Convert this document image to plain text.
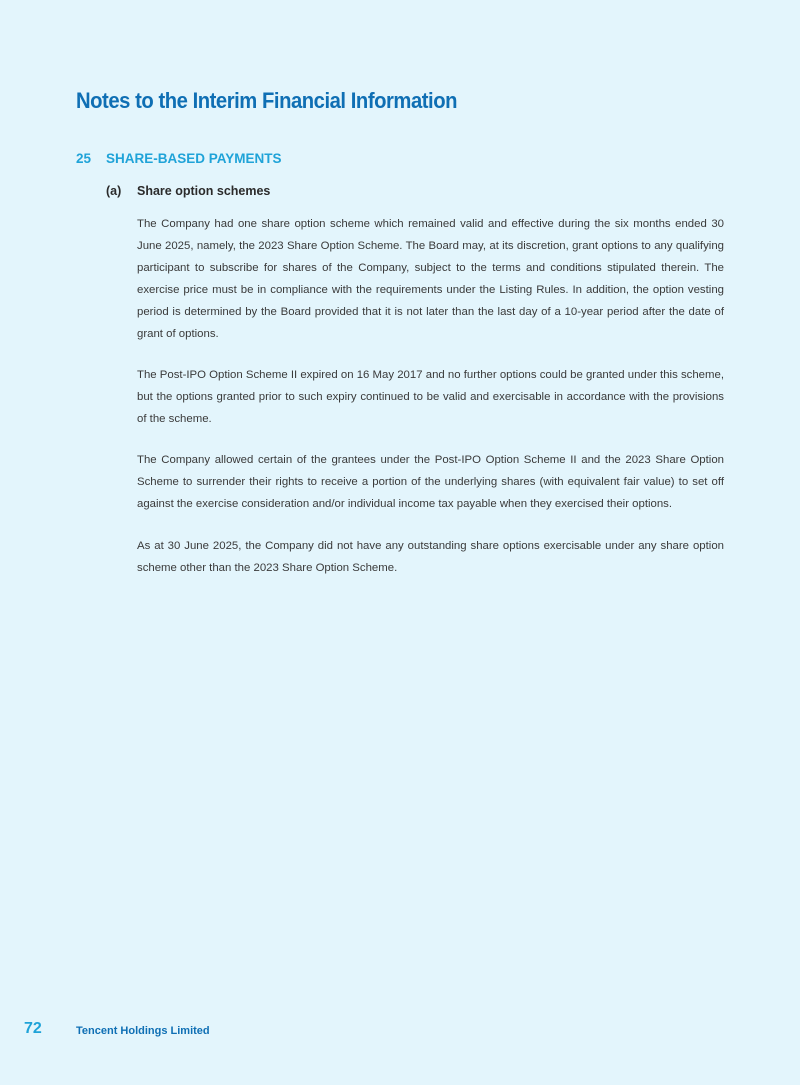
Notes to the Interim Financial Information
25 SHARE-BASED PAYMENTS
(a) Share option schemes

The Company had one share option scheme which remained valid and effective during the six months ended 30 June 2025, namely, the 2023 Share Option Scheme. The Board may, at its discretion, grant options to any qualifying participant to subscribe for shares of the Company, subject to the terms and conditions stipulated therein. The exercise price must be in compliance with the requirements under the Listing Rules. In addition, the option vesting period is determined by the Board provided that it is not later than the last day of a 10-year period after the date of grant of options.

The Post-IPO Option Scheme II expired on 16 May 2017 and no further options could be granted under this scheme, but the options granted prior to such expiry continued to be valid and exercisable in accordance with the provisions of the scheme.

The Company allowed certain of the grantees under the Post-IPO Option Scheme II and the 2023 Share Option Scheme to surrender their rights to receive a portion of the underlying shares (with equivalent fair value) to set off against the exercise consideration and/or individual income tax payable when they exercised their options.

As at 30 June 2025, the Company did not have any outstanding share options exercisable under any share option scheme other than the 2023 Share Option Scheme.

72	Tencent Holdings Limited
